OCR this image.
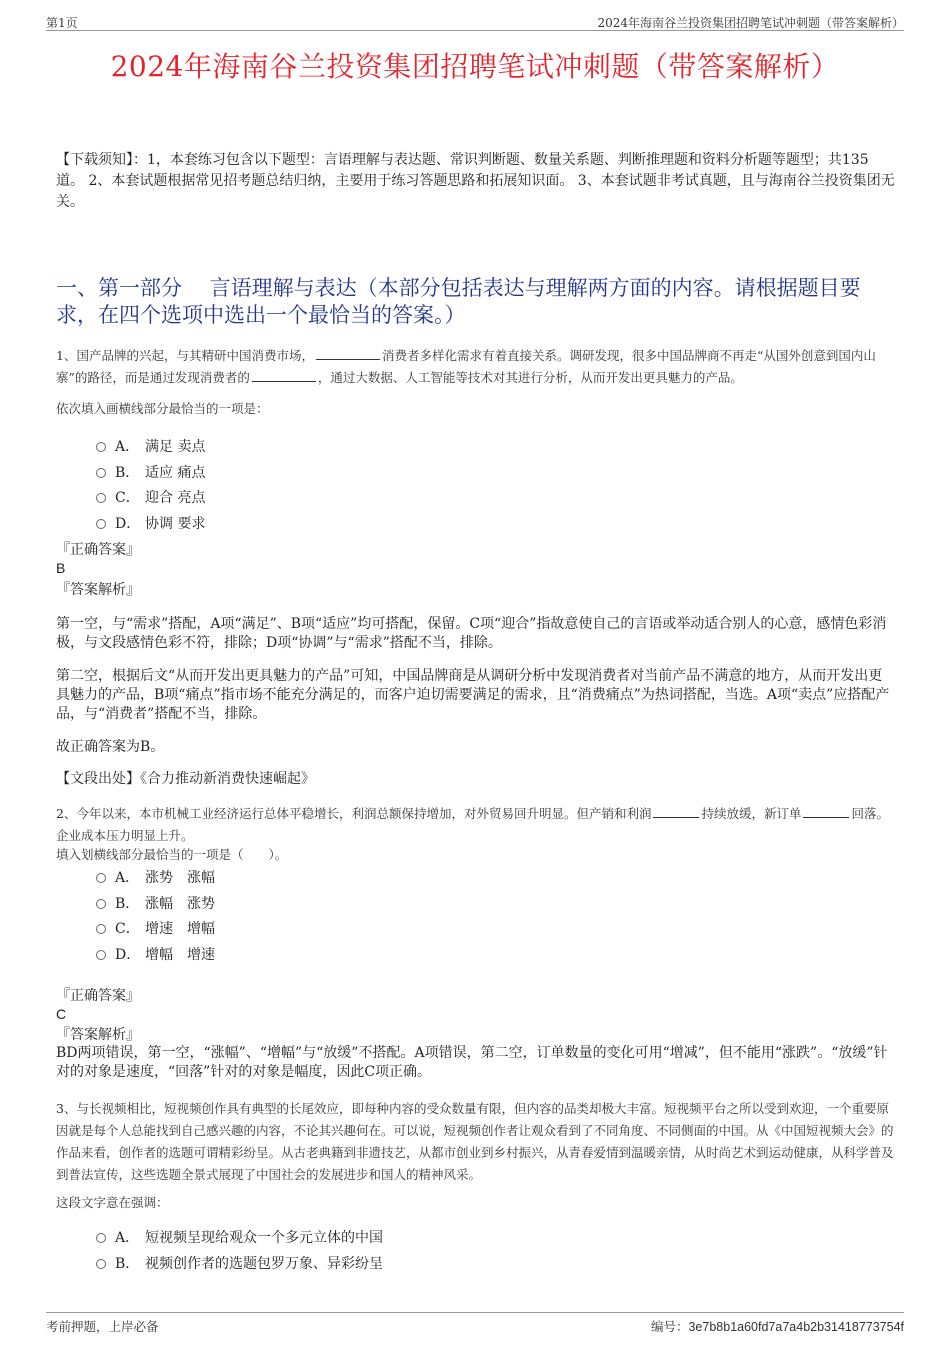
第1页	2024年海南谷兰投资集团招聘笔试冲刺题（带答案解析）
2024年海南谷兰投资集团招聘笔试冲刺题（带答案解析）
【下载须知】：1，本套练习包含以下题型：言语理解与表达题、常识判断题、数量关系题、判断推理题和资料分析题等题型；共135道。 2、本套试题根据常见招考题总结归纳，主要用于练习答题思路和拓展知识面。 3、本套试题非考试真题，且与海南谷兰投资集团无关。
一、第一部分　 言语理解与表达（本部分包括表达与理解两方面的内容。请根据题目要求，在四个选项中选出一个最恰当的答案。）
1、国产品牌的兴起，与其精研中国消费市场，	消费者多样化需求有着直接关系。调研发现，很多中国品牌商不再走“从国外创意到国内山寨”的路径，而是通过发现消费者的	，通过大数据、人工智能等技术对其进行分析，从而开发出更具魅力的产品。
依次填入画横线部分最恰当的一项是：
A． 满足 卖点
B． 适应 痛点
C． 迎合 亮点
D． 协调 要求
『正确答案』
B
『答案解析』
第一空，与“需求”搭配，A项“满足”、B项“适应”均可搭配，保留。C项“迎合”指故意使自己的言语或举动适合别人的心意，感情色彩消极，与文段感情色彩不符，排除；D项“协调”与“需求”搭配不当，排除。
第二空，根据后文“从而开发出更具魅力的产品”可知，中国品牌商是从调研分析中发现消费者对当前产品不满意的地方，从而开发出更具魅力的产品，B项“痛点”指市场不能充分满足的，而客户迫切需要满足的需求，且“消费痛点”为热词搭配，当选。A项“卖点”应搭配产品，与“消费者”搭配不当，排除。
故正确答案为B。
【文段出处】《合力推动新消费快速崛起》
2、今年以来，本市机械工业经济运行总体平稳增长，利润总额保持增加，对外贸易回升明显。但产销和利润	持续放缓，新订单	回落。企业成本压力明显上升。
填入划横线部分最恰当的一项是（　　）。
A． 涨势　涨幅
B． 涨幅　涨势
C． 增速　增幅
D． 增幅　增速
『正确答案』
C
『答案解析』
BD两项错误，第一空，“涨幅”、“增幅”与“放缓”不搭配。A项错误，第二空，订单数量的变化可用“增减”，但不能用“涨跌”。“放缓”针对的对象是速度，“回落”针对的对象是幅度，因此C项正确。
3、与长视频相比，短视频创作具有典型的长尾效应，即每种内容的受众数量有限，但内容的品类却极大丰富。短视频平台之所以受到欢迎，一个重要原因就是每个人总能找到自己感兴趣的内容，不论其兴趣何在。可以说，短视频创作者让观众看到了不同角度、不同侧面的中国。从《中国短视频大会》的作品来看，创作者的选题可谓精彩纷呈。从古老典籍到非遗技艺，从都市创业到乡村振兴，从青春爱情到温暖亲情，从时尚艺术到运动健康，从科学普及到普法宣传，这些选题全景式展现了中国社会的发展进步和国人的精神风采。
这段文字意在强调：
A． 短视频呈现给观众一个多元立体的中国
B． 视频创作者的选题包罗万象、异彩纷呈
考前押题，上岸必备	编号：3e7b8b1a60fd7a7a4b2b31418773754f
